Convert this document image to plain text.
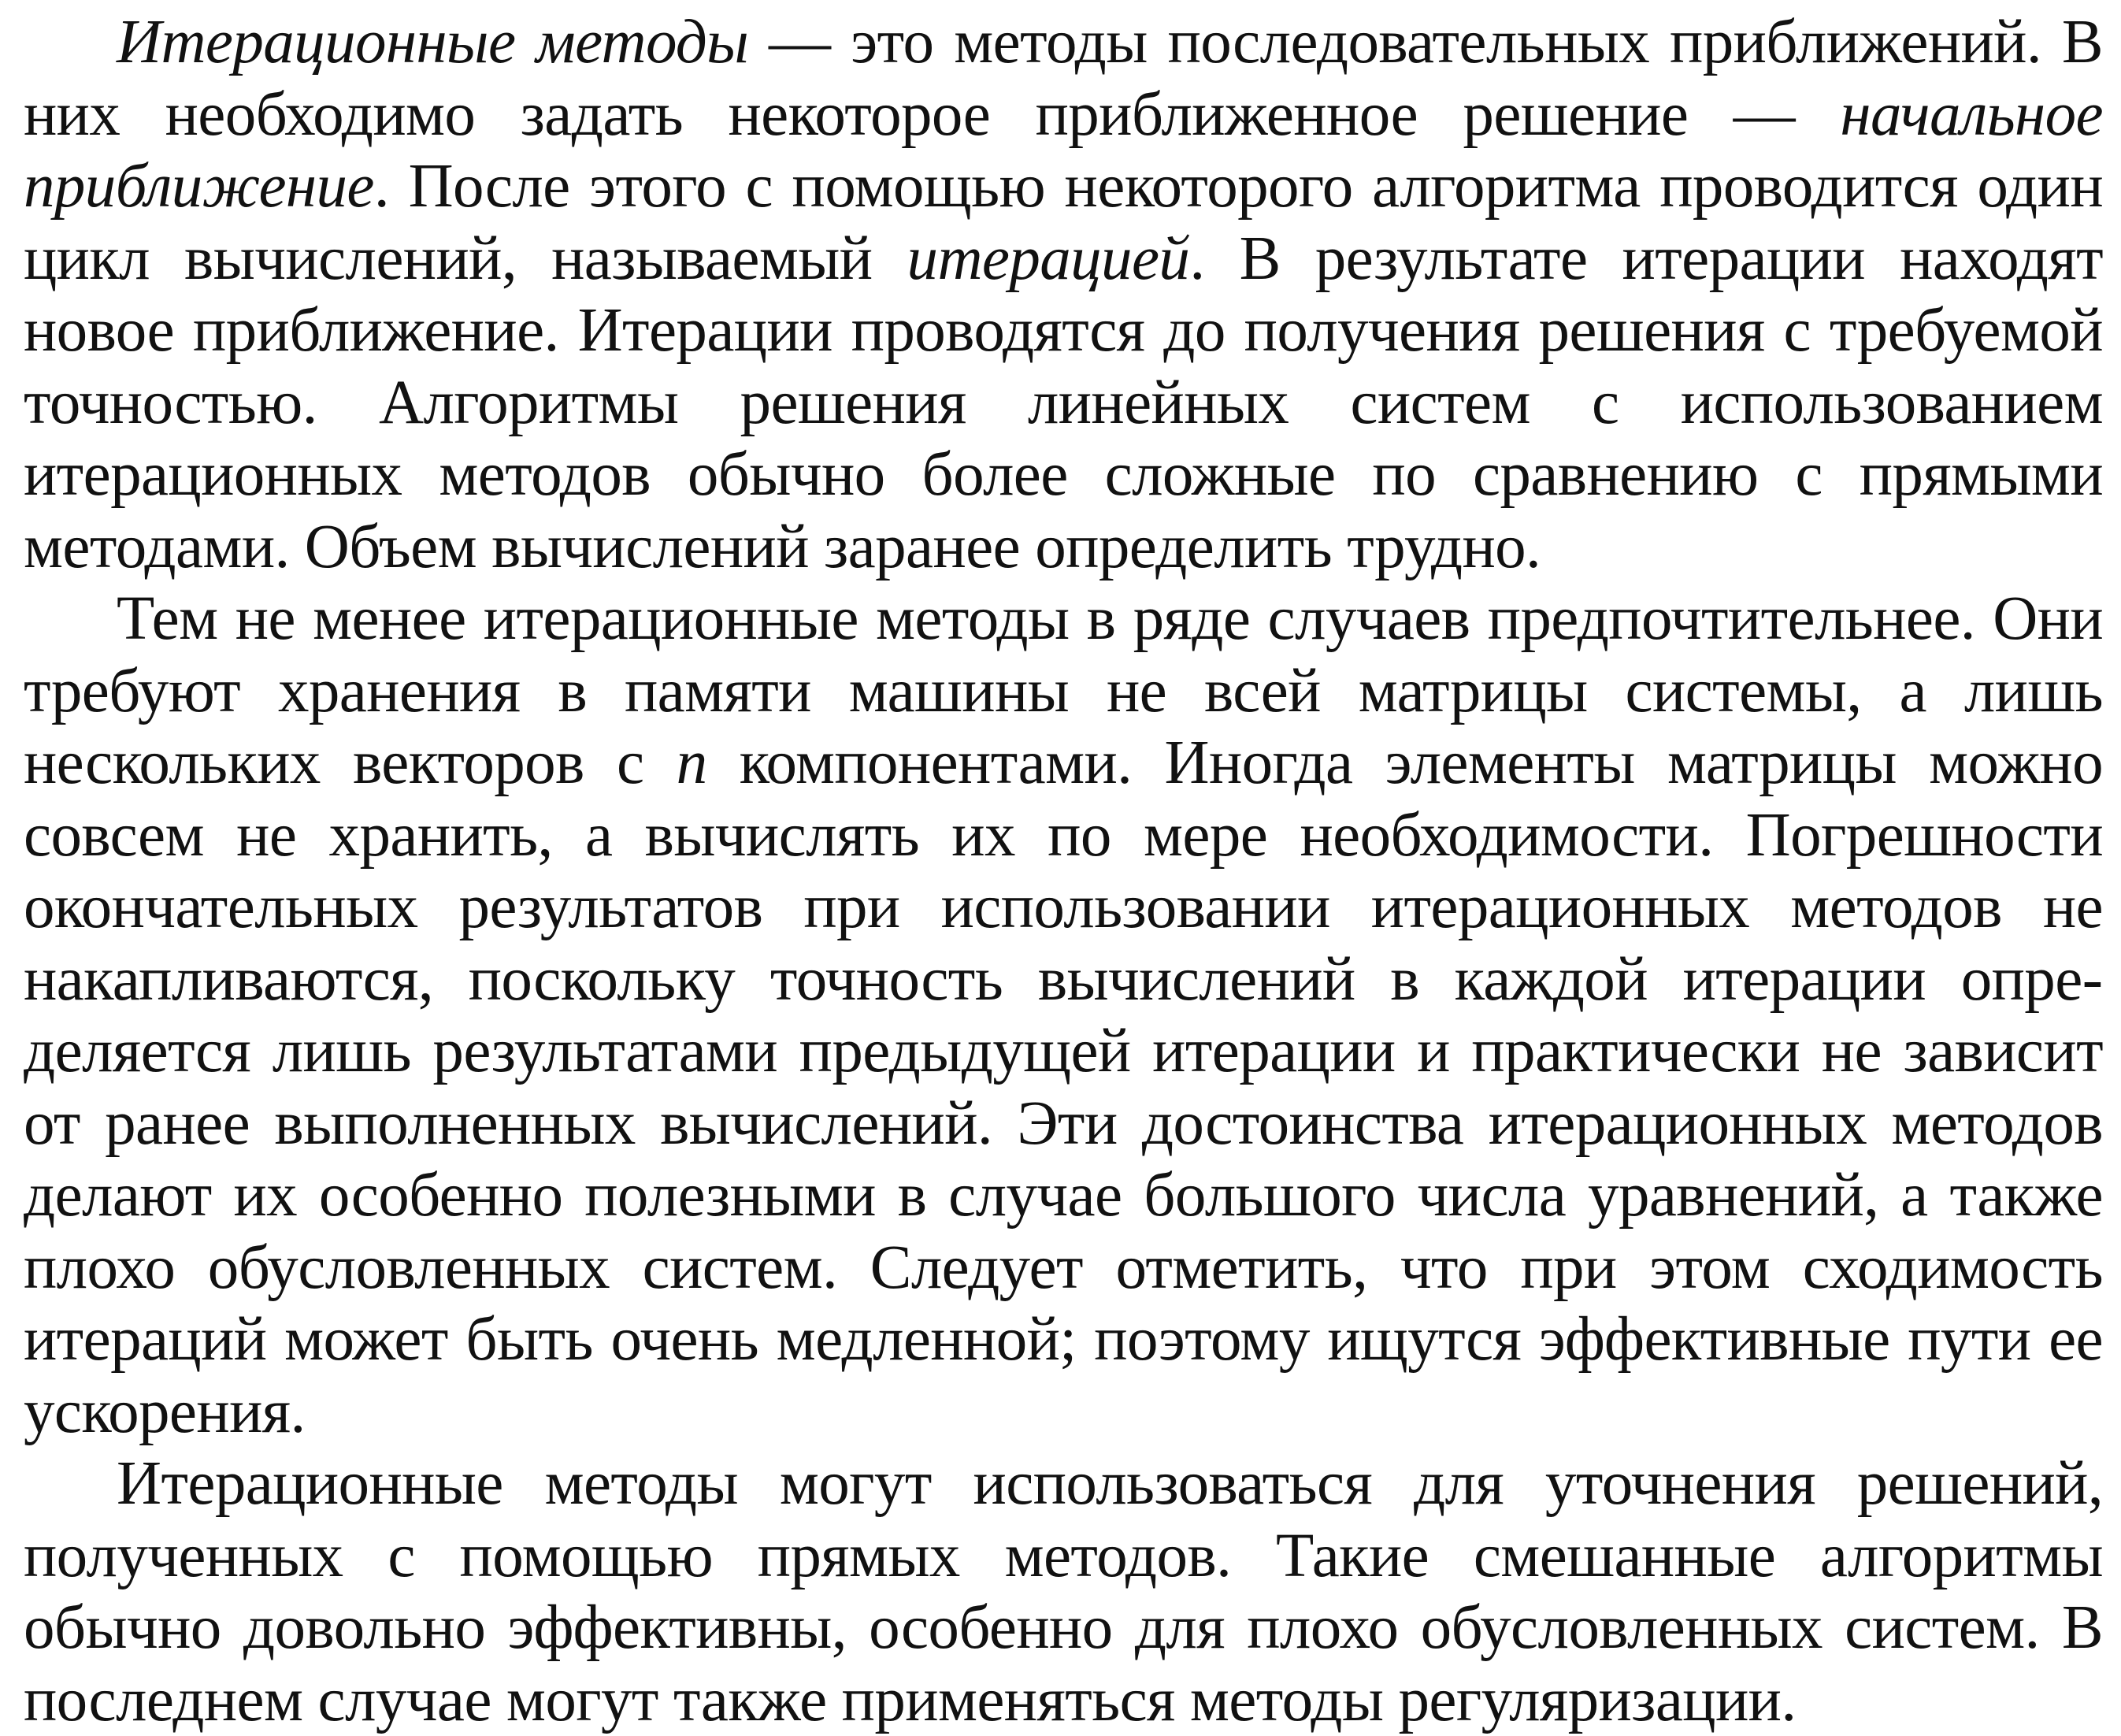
Итерационные методы — это методы последовательных приближений. В них необходимо задать некоторое приближенное решение — начальное приближение. После этого с помощью некоторого алгоритма проводится один цикл вычислений, называемый итерацией. В результате итерации находят новое приближение. Итерации проводятся до получения решения с требуемой точностью. Алгоритмы решения линейных систем с использованием итерационных методов обычно более сложные по сравнению с прямыми методами. Объем вычислений заранее определить трудно.

Тем не менее итерационные методы в ряде случаев предпочтительнее. Они требуют хранения в памяти машины не всей матрицы системы, а лишь нескольких векторов с n компонентами. Иногда элементы матрицы можно совсем не хранить, а вычислять их по мере необходимости. Погрешности окончательных результатов при использовании итерационных методов не накапливаются, поскольку точность вычислений в каждой итерации определяется лишь результатами предыдущей итерации и практически не зависит от ранее выполненных вычислений. Эти достоинства итерационных методов делают их особенно полезными в случае большого числа уравнений, а также плохо обусловленных систем. Следует отметить, что при этом сходимость итераций может быть очень медленной; поэтому ищутся эффективные пути ее ускорения.

Итерационные методы могут использоваться для уточнения решений, полученных с помощью прямых методов. Такие смешанные алгоритмы обычно довольно эффективны, особенно для плохо обусловленных систем. В последнем случае могут также применяться методы регуляризации.
